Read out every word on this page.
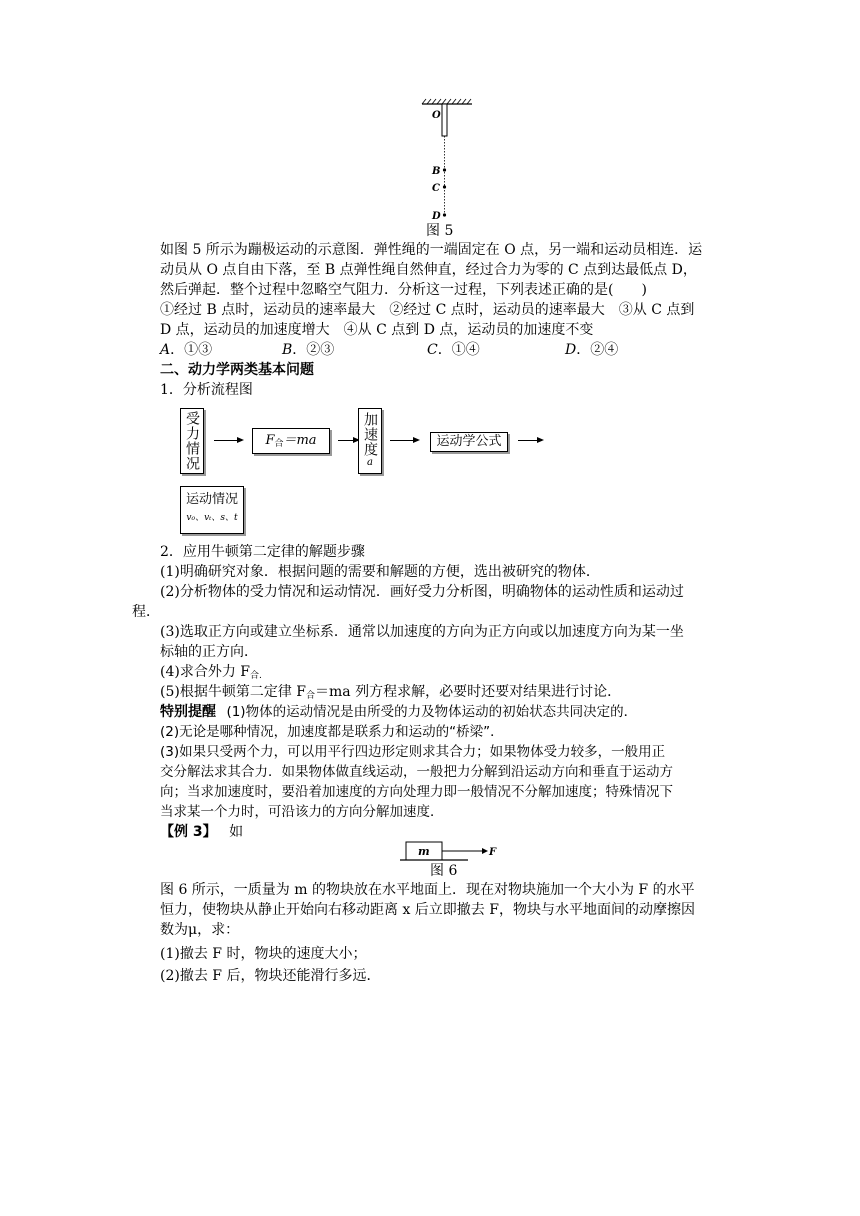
O
B
C
D
图 5
如图 5 所示为蹦极运动的示意图．弹性绳的一端固定在 O 点，另一端和运动员相连．运
动员从 O 点自由下落，至 B 点弹性绳自然伸直，经过合力为零的 C 点到达最低点 D，
然后弹起．整个过程中忽略空气阻力．分析这一过程，下列表述正确的是(　　)
①经过 B 点时，运动员的速率最大　②经过 C 点时，运动员的速率最大　③从 C 点到
D 点，运动员的加速度增大　④从 C 点到 D 点，运动员的加速度不变
A．①③	B．②③	C．①④	D．②④
二、动力学两类基本问题
1．分析流程图
受力情况	$F_合=ma$	加速度
a
运动学公式
运动情况
v₀、vₜ、s、t
2．应用牛顿第二定律的解题步骤
(1)明确研究对象．根据问题的需要和解题的方便，选出被研究的物体．
(2)分析物体的受力情况和运动情况．画好受力分析图，明确物体的运动性质和运动过
程．
(3)选取正方向或建立坐标系．通常以加速度的方向为正方向或以加速度方向为某一坐
标轴的正方向．
(4)求合外力 $F_{合.}$
(5)根据牛顿第二定律 $F_合=ma$ 列方程求解，必要时还要对结果进行讨论．
特别提醒 (1)物体的运动情况是由所受的力及物体运动的初始状态共同决定的．
(2)无论是哪种情况，加速度都是联系力和运动的“桥梁”．
(3)如果只受两个力，可以用平行四边形定则求其合力；如果物体受力较多，一般用正
交分解法求其合力．如果物体做直线运动，一般把力分解到沿运动方向和垂直于运动方
向；当求加速度时，要沿着加速度的方向处理力即一般情况不分解加速度；特殊情况下
当求某一个力时，可沿该力的方向分解加速度．
【例 3】 如
m	F
图 6
图 6 所示，一质量为 m 的物块放在水平地面上．现在对物块施加一个大小为 F 的水平
恒力，使物块从静止开始向右移动距离 x 后立即撤去 F，物块与水平地面间的动摩擦因
数为μ，求：
(1)撤去 F 时，物块的速度大小；
(2)撤去 F 后，物块还能滑行多远．
